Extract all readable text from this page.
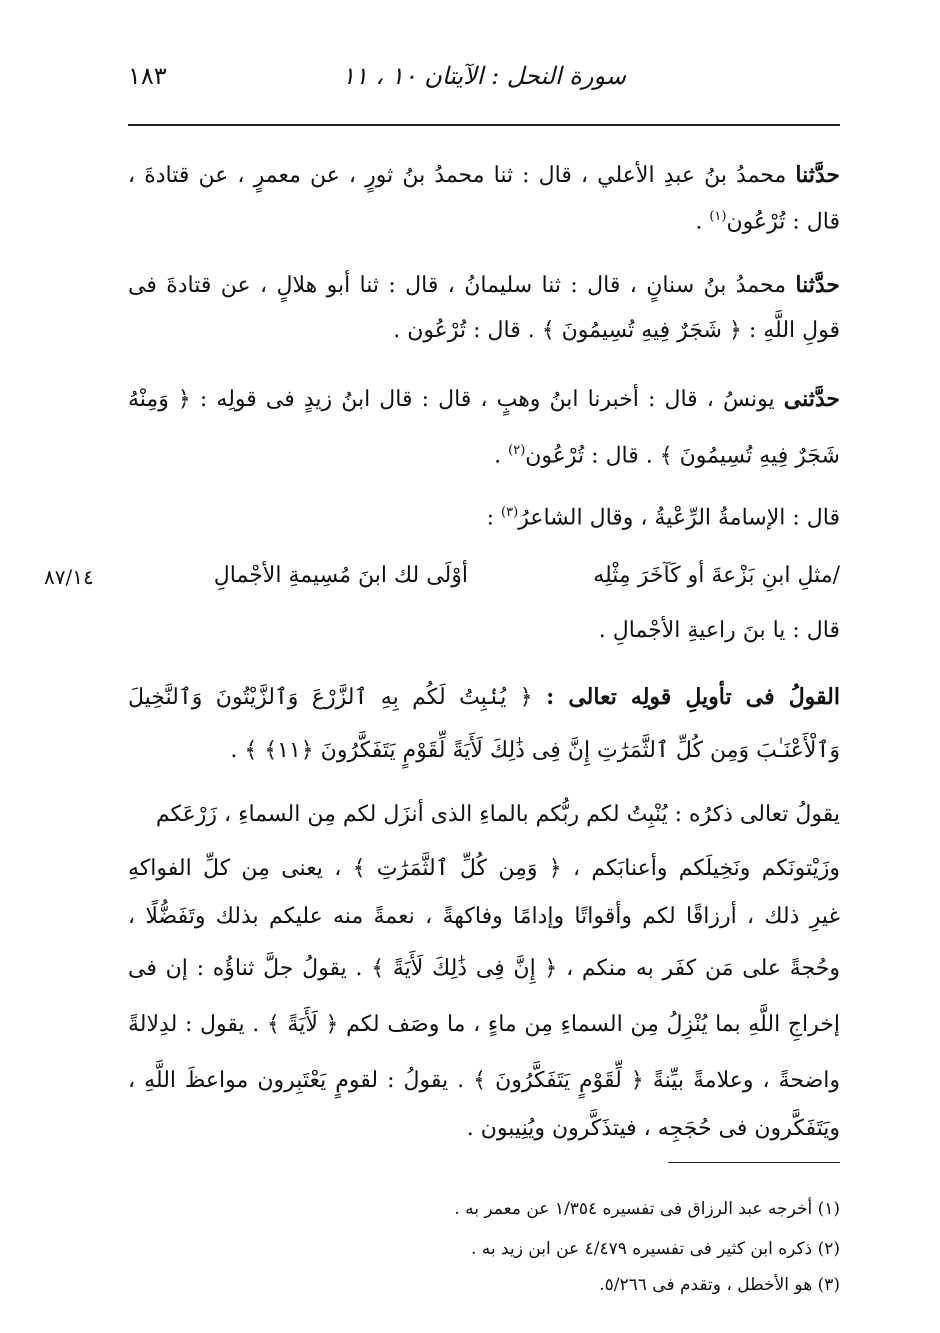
١٨٣	سورة النحل : الآيتان ١٠ ، ١١
حدَّثنا محمدُ بنُ عبدِ الأعلي ، قال : ثنا محمدُ بنُ ثورٍ ، عن معمرٍ ، عن قتادةَ ،
قال : تُرْعُون$^{(١)}$ .
حدَّثنا محمدُ بنُ سنانٍ ، قال : ثنا سليمانُ ، قال : ثنا أبو هلالٍ ، عن قتادةَ فى
قولِ اللَّهِ : ﴿ شَجَرٌ فِيهِ تُسِيمُونَ ﴾ . قال : تُرْعُون .
حدَّثنى يونسُ ، قال : أخبرنا ابنُ وهبٍ ، قال : قال ابنُ زيدٍ فى قولِه : ﴿ وَمِنْهُ
شَجَرٌ فِيهِ تُسِيمُونَ ﴾ . قال : تُرْعُون$^{(٢)}$ .
قال : الإسامةُ الرِّعْيةُ ، وقال الشاعرُ$^{(٣)}$ :
/مثلِ ابنِ بَزْعةَ أو كَآخَرَ مِثْلِه
أوْلَى لك ابنَ مُسِيمةِ الأجْمالِ
٨٧/١٤
قال : يا بنَ راعيةِ الأجْمالِ .
القولُ فى تأويلِ قولِه تعالى : ﴿ يُنۢبِتُ لَكُم بِهِ ٱلزَّرْعَ وَٱلزَّيْتُونَ وَٱلنَّخِيلَ
وَٱلْأَعْنَـٰبَ وَمِن كُلِّ ٱلثَّمَرَٰتِ إِنَّ فِى ذَٰلِكَ لَأَيَةً لِّقَوْمٍ يَتَفَكَّرُونَ ﴿١١﴾ ﴾ .
يقولُ تعالى ذكرُه : يُنْبِتُ لكم ربُّكم بالماءِ الذى أنزَل لكم مِن السماءِ ، زَرْعَكم
وزَيْتونَكم ونَخِيلَكم وأعنابَكم ، ﴿ وَمِن كُلِّ ٱلثَّمَرَٰتِ ﴾ ، يعنى مِن كلِّ الفواكهِ
غيرِ ذلك ، أرزاقًا لكم وأقواتًا وإدامًا وفاكهةً ، نعمةً منه عليكم بذلك وتَفَضُّلًا ،
وحُجةً على مَن كفَر به منكم ، ﴿ إِنَّ فِى ذَٰلِكَ لَأَيَةً ﴾ . يقولُ جلَّ ثناؤُه : إن فى
إخراجِ اللَّهِ بما يُنْزِلُ مِن السماءِ مِن ماءٍ ، ما وصَف لكم ﴿ لَأَيَةً ﴾ . يقول : لدِلالةً
واضحةً ، وعلامةً بيِّنةً ﴿ لِّقَوْمٍ يَتَفَكَّرُونَ ﴾ . يقولُ : لقومٍ يَعْتَبِرون مواعظَ اللَّهِ ،
ويَتَفَكَّرون فى حُجَجِه ، فيتذَكَّرون ويُنِيبون .
(١) أخرجه عبد الرزاق فى تفسيره ١/٣٥٤ عن معمر به .
(٢) ذكره ابن كثير فى تفسيره ٤/٤٧٩ عن ابن زيد به .
(٣) هو الأخطل ، وتقدم فى ٥/٢٦٦.
